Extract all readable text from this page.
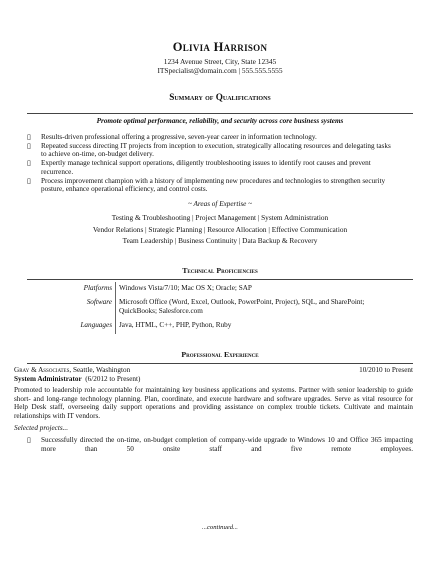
Olivia Harrison
1234 Avenue Street, City, State 12345
ITSpecialist@domain.com | 555.555.5555
Summary of Qualifications
Promote optimal performance, reliability, and security across core business systems
▯ Results-driven professional offering a progressive, seven-year career in information technology.
▯ Repeated success directing IT projects from inception to execution, strategically allocating resources and delegating tasks to achieve on-time, on-budget delivery.
▯ Expertly manage technical support operations, diligently troubleshooting issues to identify root causes and prevent recurrence.
▯ Process improvement champion with a history of implementing new procedures and technologies to strengthen security posture, enhance operational efficiency, and control costs.
~ Areas of Expertise ~
Testing & Troubleshooting | Project Management | System Administration
Vendor Relations | Strategic Planning | Resource Allocation | Effective Communication
Team Leadership | Business Continuity | Data Backup & Recovery
Technical Proficiencies
Platforms Windows Vista/7/10; Mac OS X; Oracle; SAP
Software Microsoft Office (Word, Excel, Outlook, PowerPoint, Project), SQL, and SharePoint; QuickBooks; Salesforce.com
Languages Java, HTML, C++, PHP, Python, Ruby
Professional Experience
Gray & Associates, Seattle, Washington	10/2010 to Present
System Administrator (6/2012 to Present)
Promoted to leadership role accountable for maintaining key business applications and systems. Partner with senior leadership to guide short- and long-range technology planning. Plan, coordinate, and execute hardware and software upgrades. Serve as vital resource for Help Desk staff, overseeing daily support operations and providing assistance on complex trouble tickets. Cultivate and maintain relationships with IT vendors.
Selected projects...
▯ Successfully directed the on-time, on-budget completion of company-wide upgrade to Windows 10 and Office 365 impacting more than 50 onsite staff and five remote employees.
...continued...
